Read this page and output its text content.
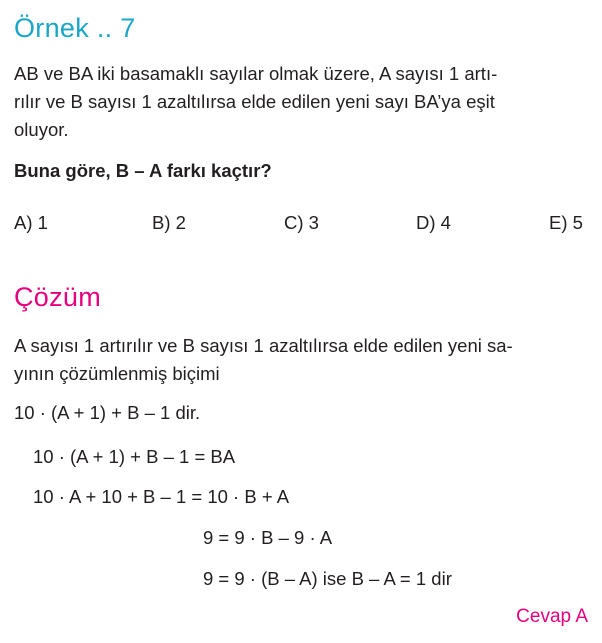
Örnek .. 7
AB ve BA iki basamaklı sayılar olmak üzere, A sayısı 1 artı-
rılır ve B sayısı 1 azaltılırsa elde edilen yeni sayı BA’ya eşit
oluyor.
Buna göre, B – A farkı kaçtır?
A) 1	B) 2	C) 3	D) 4	E) 5
Çözüm
A sayısı 1 artırılır ve B sayısı 1 azaltılırsa elde edilen yeni sa-
yının çözümlenmiş biçimi
10 · (A + 1) + B – 1 dir.
10 · (A + 1) + B – 1 = BA
10 · A + 10 + B – 1 = 10 · B + A
9 = 9 · B – 9 · A
9 = 9 · (B – A) ise B – A = 1 dir
Cevap A
